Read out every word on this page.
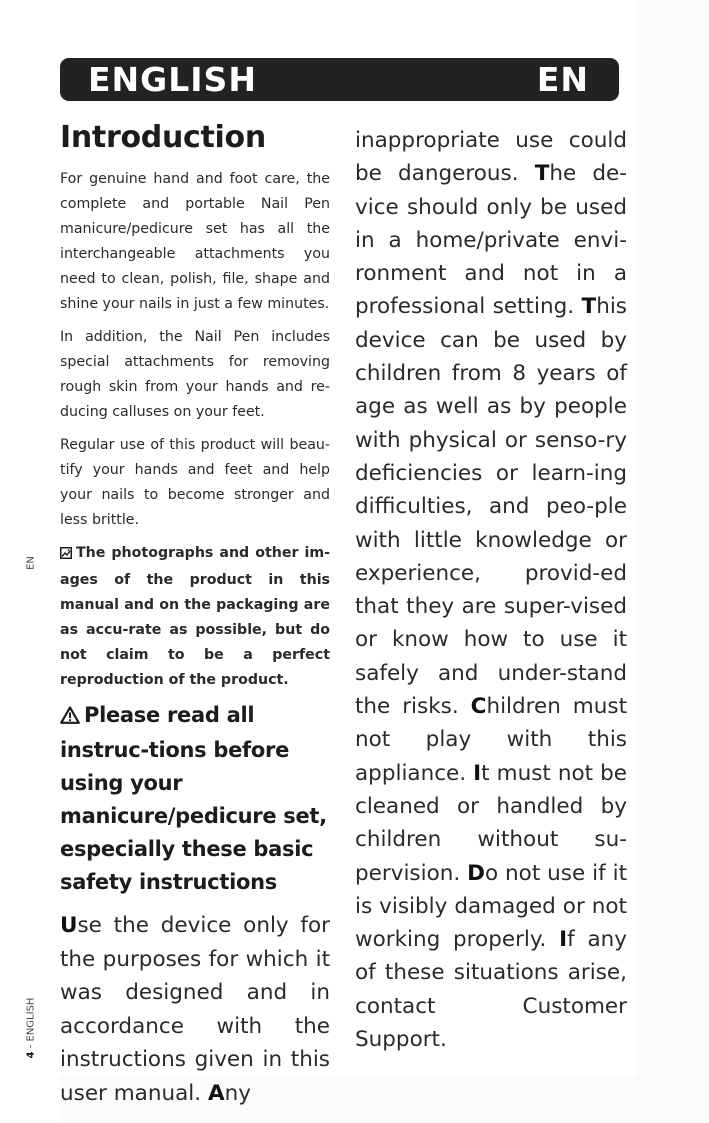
ENGLISH	EN
EN
4 - ENGLISH
Introduction

For genuine hand and foot care, the complete and portable Nail Pen manicure/pedicure set has all the interchangeable attachments you need to clean, polish, file, shape and shine your nails in just a few minutes.

In addition, the Nail Pen includes special attachments for removing rough skin from your hands and re-ducing calluses on your feet.

Regular use of this product will beau-tify your hands and feet and help your nails to become stronger and less brittle.

The photographs and other im-ages of the product in this manual and on the packaging are as accu-rate as possible, but do not claim to be a perfect reproduction of the product.

Please read all instruc-tions before using your manicure/pedicure set, especially these basic safety instructions

Use the device only for the purposes for which it was designed and in accordance with the instructions given in this user manual. Any

inappropriate use could be dangerous. The de-vice should only be used in a home/private envi-ronment and not in a professional setting. This device can be used by children from 8 years of age as well as by people with physical or senso-ry deficiencies or learn-ing difficulties, and peo-ple with little knowledge or experience, provid-ed that they are super-vised or know how to use it safely and under-stand the risks. Children must not play with this appliance. It must not be cleaned or handled by children without su-pervision. Do not use if it is visibly damaged or not working properly. If any of these situations arise, contact Customer Support.
